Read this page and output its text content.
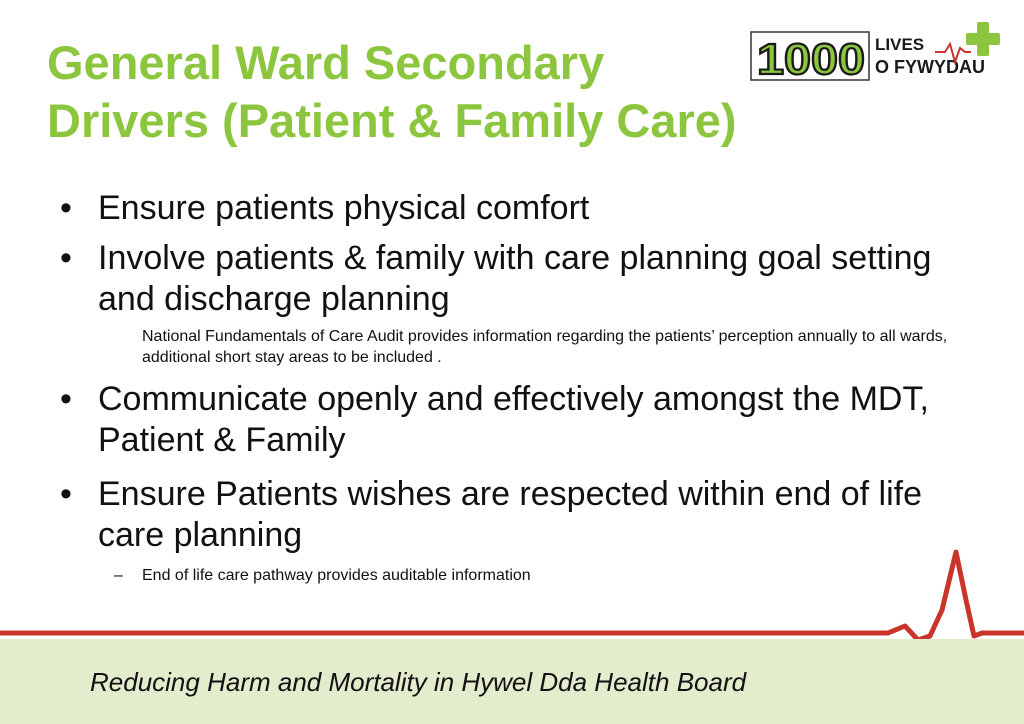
General Ward Secondary
Drivers (Patient & Family Care)
1000 LIVES
O FYWYDAU
• Ensure patients physical comfort
• Involve patients & family with care planning goal setting and discharge planning
National Fundamentals of Care Audit provides information regarding the patients’ perception annually to all wards, additional short stay areas to be included .
• Communicate openly and effectively amongst the MDT, Patient & Family
• Ensure Patients wishes are respected within end of life care planning
– End of life care pathway provides auditable information
Reducing Harm and Mortality in Hywel Dda Health Board
